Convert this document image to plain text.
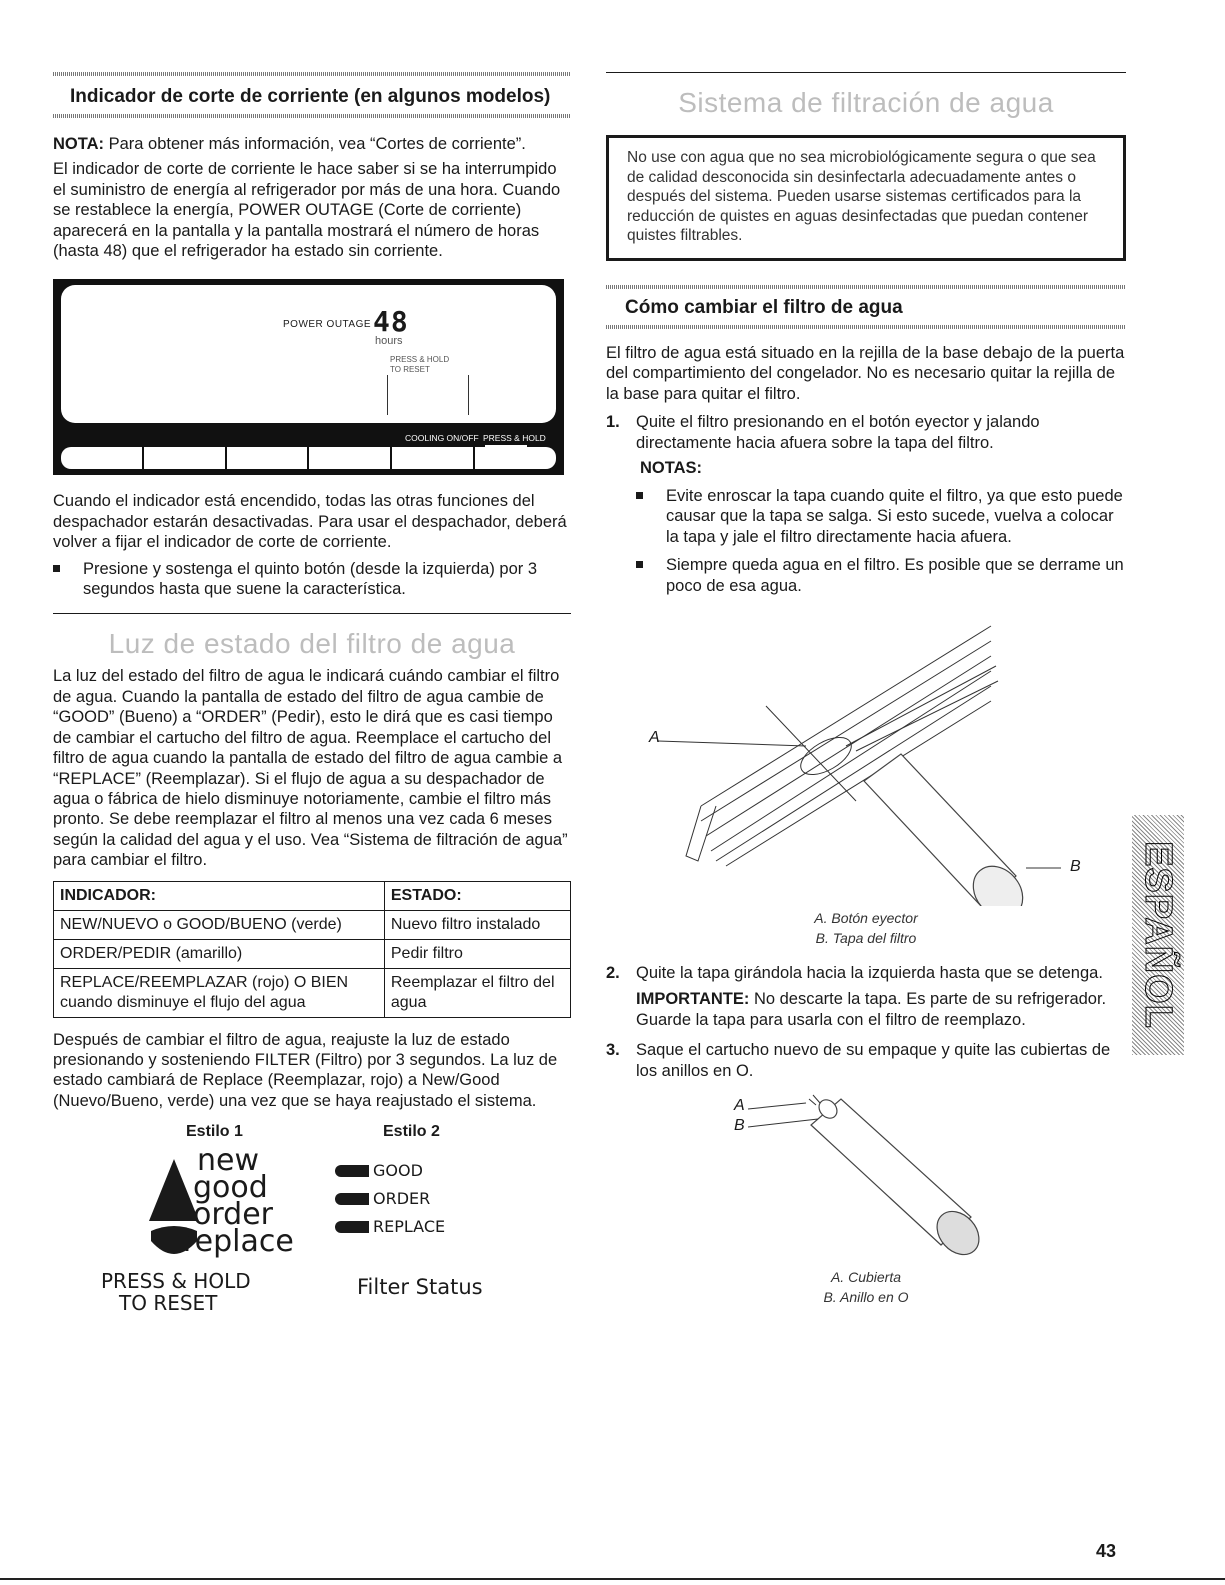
Indicador de corte de corriente (en algunos modelos)

NOTA: Para obtener más información, vea “Cortes de corriente”.

El indicador de corte de corriente le hace saber si se ha interrumpido el suministro de energía al refrigerador por más de una hora. Cuando se restablece la energía, POWER OUTAGE (Corte de corriente) aparecerá en la pantalla y la pantalla mostrará el número de horas (hasta 48) que el refrigerador ha estado sin corriente.

POWER OUTAGE 48
hours
PRESS & HOLD
TO RESET
COOLING ON/OFF PRESS & HOLD

Cuando el indicador está encendido, todas las otras funciones del despachador estarán desactivadas. Para usar el despachador, deberá volver a fijar el indicador de corte de corriente.

Presione y sostenga el quinto botón (desde la izquierda) por 3 segundos hasta que suene la característica.
Luz de estado del filtro de agua

La luz del estado del filtro de agua le indicará cuándo cambiar el filtro de agua. Cuando la pantalla de estado del filtro de agua cambie de “GOOD” (Bueno) a “ORDER” (Pedir), esto le dirá que es casi tiempo de cambiar el cartucho del filtro de agua. Reemplace el cartucho del filtro de agua cuando la pantalla de estado del filtro de agua cambie a “REPLACE” (Reemplazar). Si el flujo de agua a su despachador de agua o fábrica de hielo disminuye notoriamente, cambie el filtro más pronto. Se debe reemplazar el filtro al menos una vez cada 6 meses según la calidad del agua y el uso. Vea “Sistema de filtración de agua” para cambiar el filtro.

INDICADOR:	ESTADO:
NEW/NUEVO o GOOD/BUENO (verde)	Nuevo filtro instalado
ORDER/PEDIR (amarillo)	Pedir filtro
REPLACE/REEMPLAZAR (rojo) O BIEN cuando disminuye el flujo del agua	Reemplazar el filtro del agua

Después de cambiar el filtro de agua, reajuste la luz de estado presionando y sosteniendo FILTER (Filtro) por 3 segundos. La luz de estado cambiará de Replace (Reemplazar, rojo) a New/Good (Nuevo/Bueno, verde) una vez que se haya reajustado el sistema.

Estilo 1	Estilo 2
new
good
order
replace
PRESS & HOLD
TO RESET
GOOD
ORDER
REPLACE
Filter Status
Sistema de filtración de agua
No use con agua que no sea microbiológicamente segura o que sea de calidad desconocida sin desinfectarla adecuadamente antes o después del sistema. Pueden usarse sistemas certificados para la reducción de quistes en aguas desinfectadas que puedan contener quistes filtrables.
Cómo cambiar el filtro de agua

El filtro de agua está situado en la rejilla de la base debajo de la puerta del compartimiento del congelador. No es necesario quitar la rejilla de la base para quitar el filtro.

1. Quite el filtro presionando en el botón eyector y jalando directamente hacia afuera sobre la tapa del filtro.
NOTAS:
Evite enroscar la tapa cuando quite el filtro, ya que esto puede causar que la tapa se salga. Si esto sucede, vuelva a colocar la tapa y jale el filtro directamente hacia afuera.
Siempre queda agua en el filtro. Es posible que se derrame un poco de esa agua.
A
B
A. Botón eyector
B. Tapa del filtro
2. Quite la tapa girándola hacia la izquierda hasta que se detenga.

IMPORTANTE: No descarte la tapa. Es parte de su refrigerador. Guarde la tapa para usarla con el filtro de reemplazo.

3. Saque el cartucho nuevo de su empaque y quite las cubiertas de los anillos en O.
A
B
A. Cubierta
B. Anillo en O
ESPAÑOL
43
